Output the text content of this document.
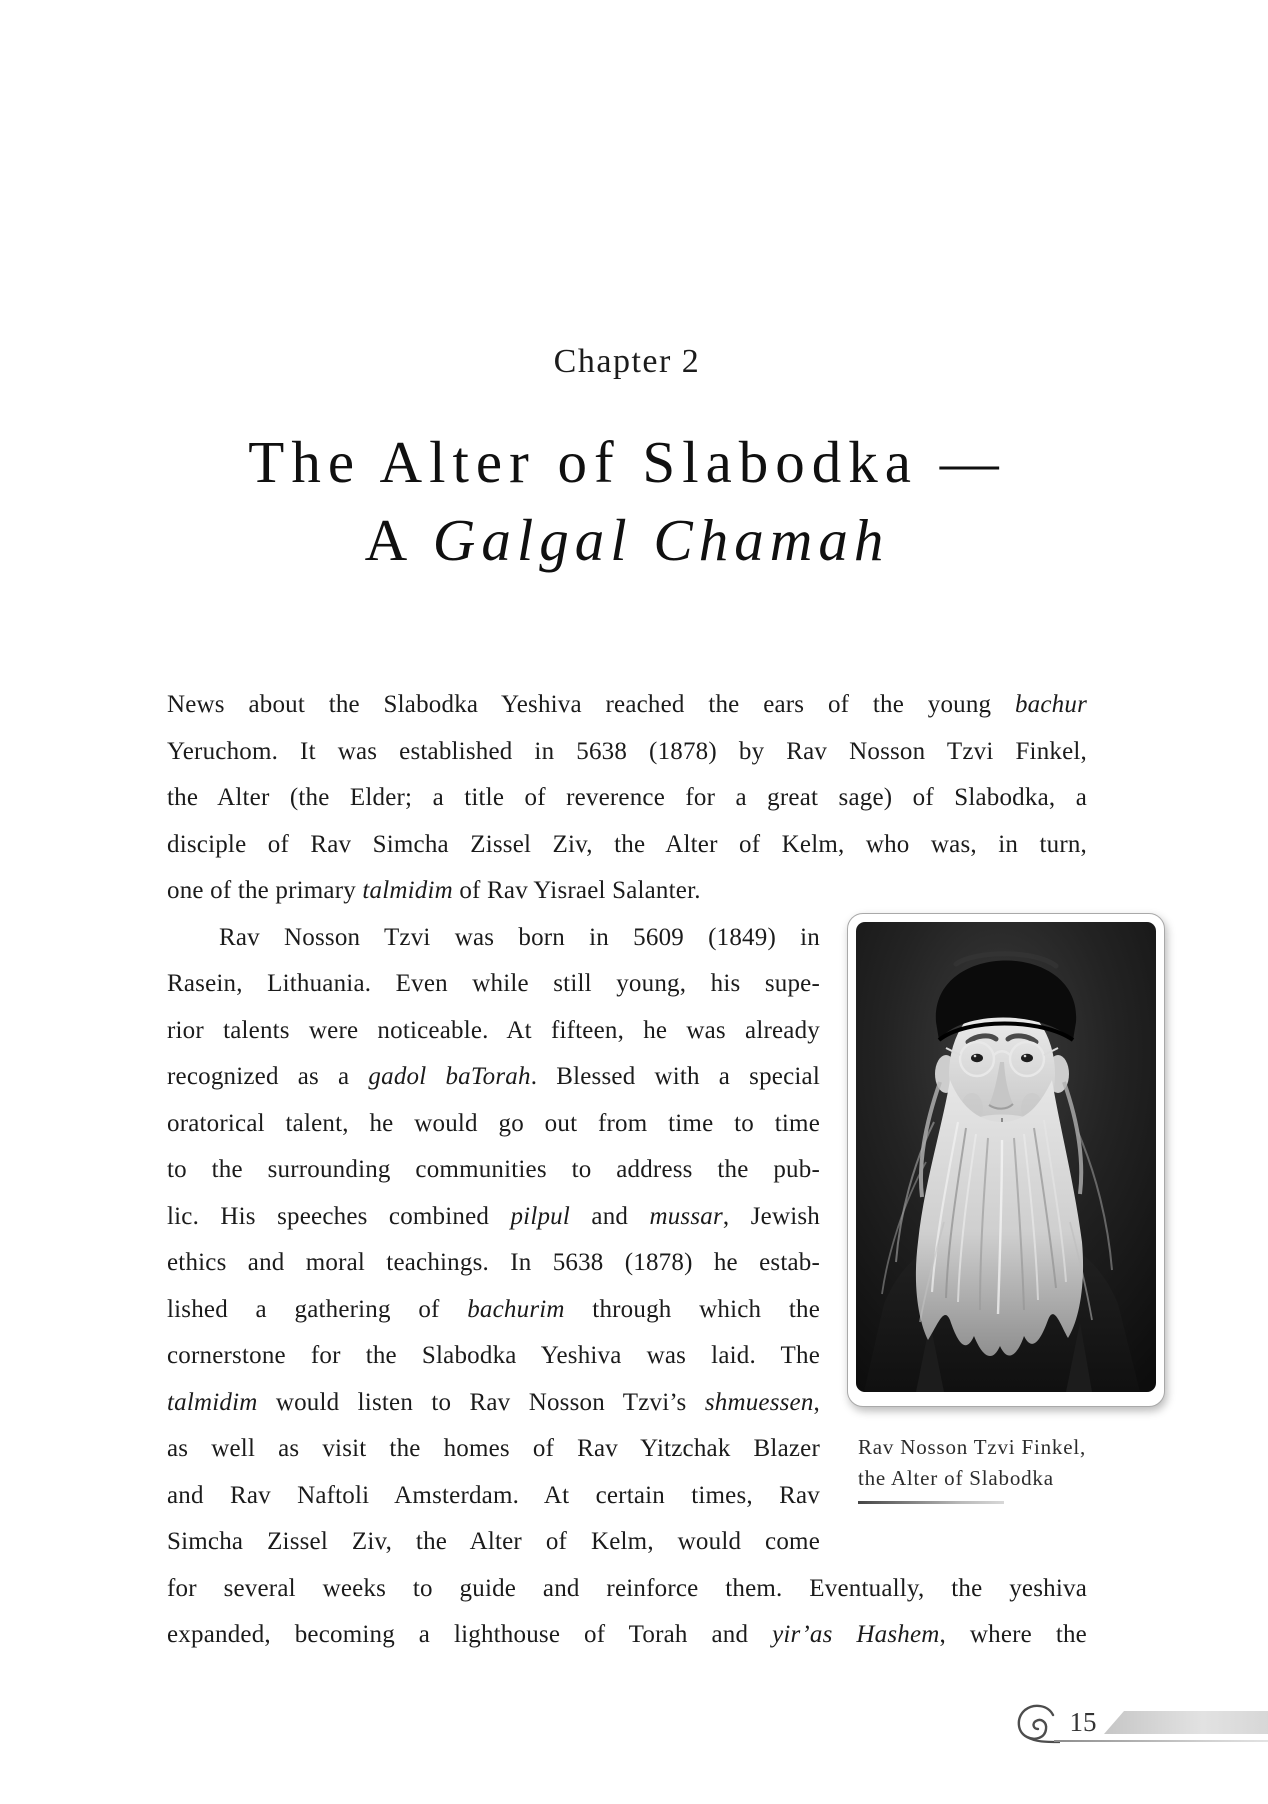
Chapter 2
The Alter of Slabodka —
A Galgal Chamah
News about the Slabodka Yeshiva reached the ears of the young bachur
Yeruchom. It was established in 5638 (1878) by Rav Nosson Tzvi Finkel,
the Alter (the Elder; a title of reverence for a great sage) of Slabodka, a
disciple of Rav Simcha Zissel Ziv, the Alter of Kelm, who was, in turn,
one of the primary talmidim of Rav Yisrael Salanter.
Rav Nosson Tzvi was born in 5609 (1849) in
Rasein, Lithuania. Even while still young, his supe-
rior talents were noticeable. At fifteen, he was already
recognized as a gadol baTorah. Blessed with a special
oratorical talent, he would go out from time to time
to the surrounding communities to address the pub-
lic. His speeches combined pilpul and mussar, Jewish
ethics and moral teachings. In 5638 (1878) he estab-
lished a gathering of bachurim through which the
cornerstone for the Slabodka Yeshiva was laid. The
talmidim would listen to Rav Nosson Tzvi’s shmuessen,
as well as visit the homes of Rav Yitzchak Blazer
and Rav Naftoli Amsterdam. At certain times, Rav
Simcha Zissel Ziv, the Alter of Kelm, would come
for several weeks to guide and reinforce them. Eventually, the yeshiva
expanded, becoming a lighthouse of Torah and yir’as Hashem, where the
Rav Nosson Tzvi Finkel,
the Alter of Slabodka
15
